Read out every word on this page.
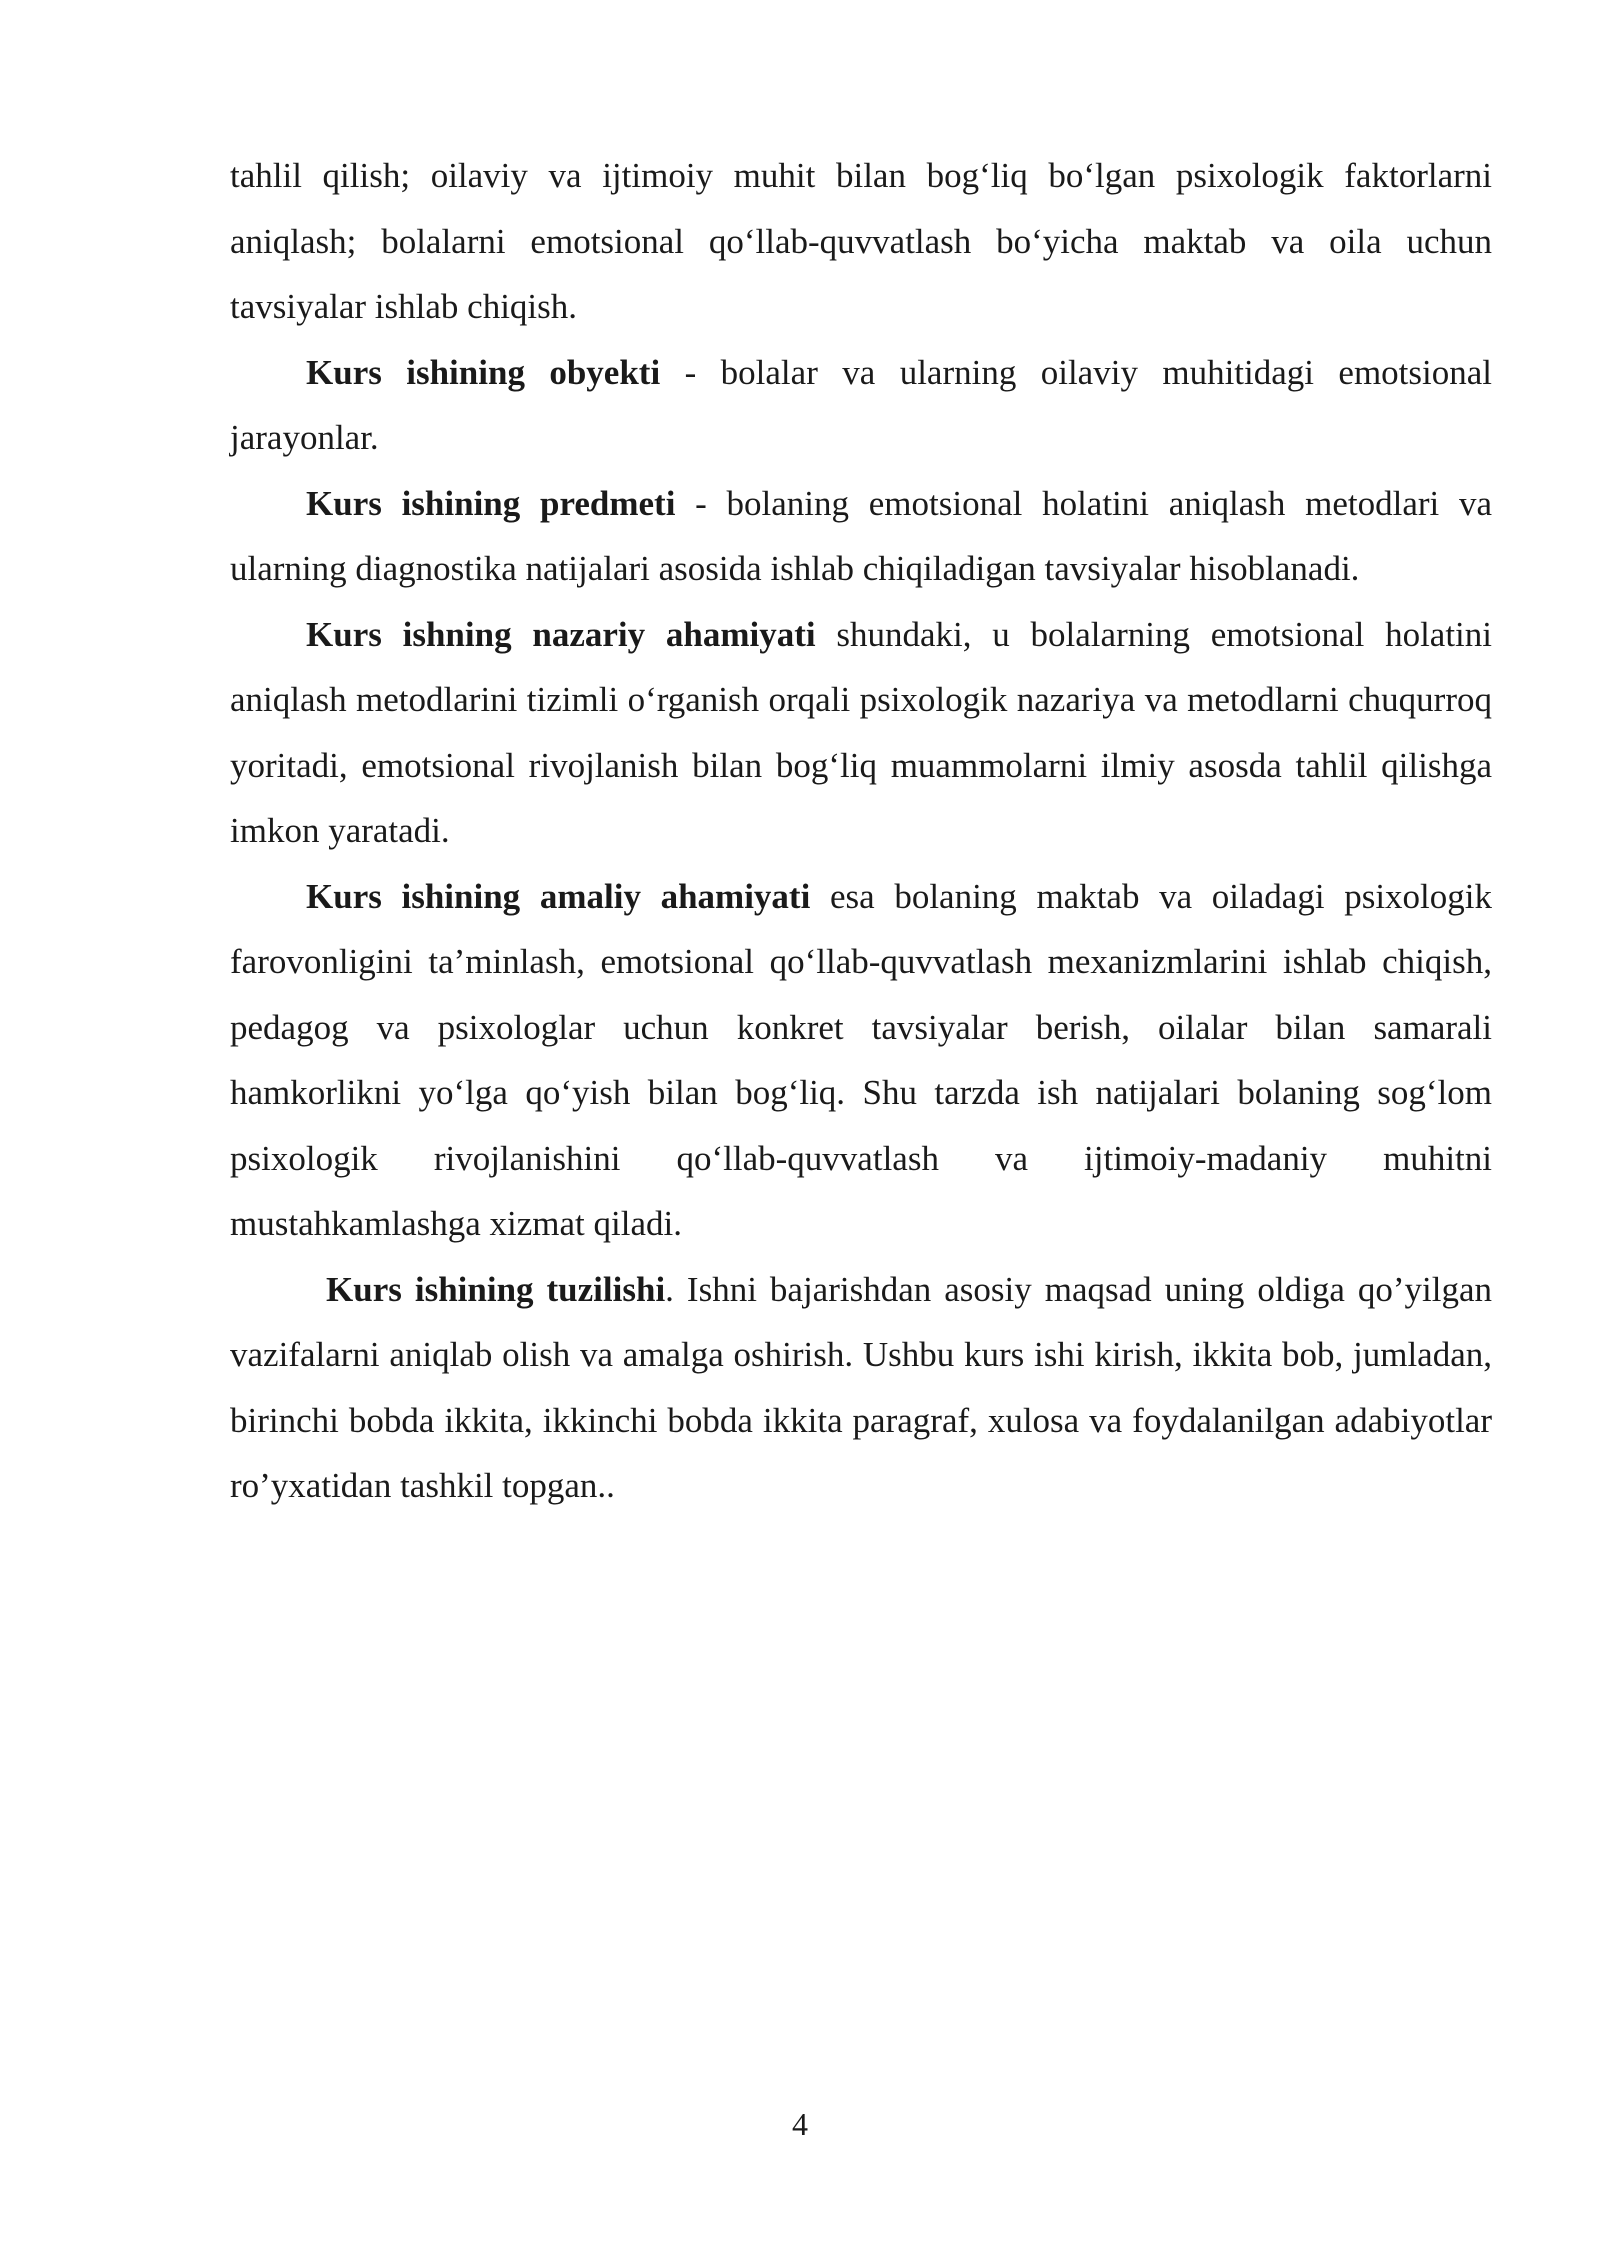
tahlil qilish; oilaviy va ijtimoiy muhit bilan bog‘liq bo‘lgan psixologik faktorlarni aniqlash; bolalarni emotsional qo‘llab-quvvatlash bo‘yicha maktab va oila uchun tavsiyalar ishlab chiqish.

Kurs ishining obyekti - bolalar va ularning oilaviy muhitidagi emotsional jarayonlar.

Kurs ishining predmeti - bolaning emotsional holatini aniqlash metodlari va ularning diagnostika natijalari asosida ishlab chiqiladigan tavsiyalar hisoblanadi.

Kurs ishning nazariy ahamiyati shundaki, u bolalarning emotsional holatini aniqlash metodlarini tizimli o‘rganish orqali psixologik nazariya va metodlarni chuqurroq yoritadi, emotsional rivojlanish bilan bog‘liq muammolarni ilmiy asosda tahlil qilishga imkon yaratadi.

Kurs ishining amaliy ahamiyati esa bolaning maktab va oiladagi psixologik farovonligini ta’minlash, emotsional qo‘llab-quvvatlash mexanizmlarini ishlab chiqish, pedagog va psixologlar uchun konkret tavsiyalar berish, oilalar bilan samarali hamkorlikni yo‘lga qo‘yish bilan bog‘liq. Shu tarzda ish natijalari bolaning sog‘lom psixologik rivojlanishini qo‘llab-quvvatlash va ijtimoiy-madaniy muhitni mustahkamlashga xizmat qiladi.

Kurs ishining tuzilishi. Ishni bajarishdan asosiy maqsad uning oldiga qo’yilgan vazifalarni aniqlab olish va amalga oshirish. Ushbu kurs ishi kirish, ikkita bob, jumladan, birinchi bobda ikkita, ikkinchi bobda ikkita paragraf, xulosa va foydalanilgan adabiyotlar ro’yxatidan tashkil topgan..

4
